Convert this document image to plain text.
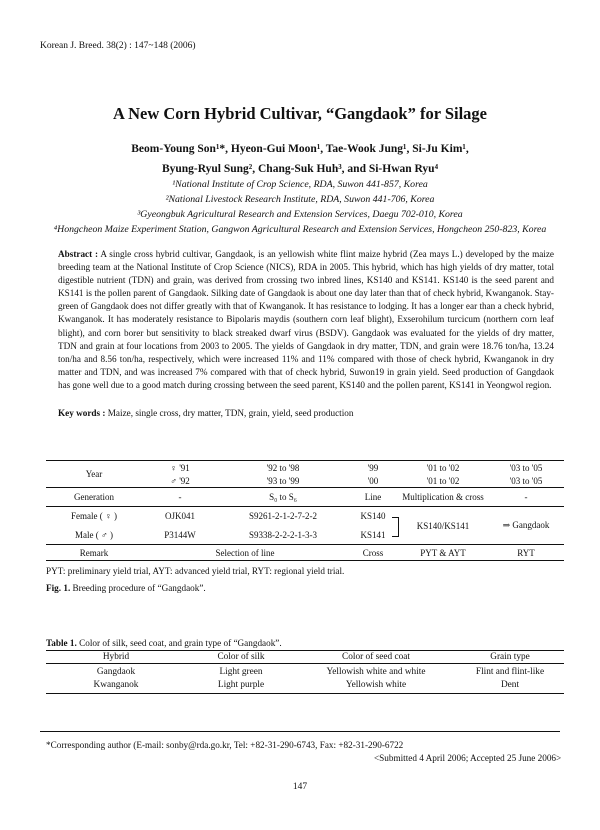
Korean J. Breed. 38(2) : 147~148 (2006)
A New Corn Hybrid Cultivar, “Gangdaok” for Silage
Beom-Young Son¹*, Hyeon-Gui Moon¹, Tae-Wook Jung¹, Si-Ju Kim¹,
Byung-Ryul Sung², Chang-Suk Huh³, and Si-Hwan Ryu⁴
¹National Institute of Crop Science, RDA, Suwon 441-857, Korea
²National Livestock Research Institute, RDA, Suwon 441-706, Korea
³Gyeongbuk Agricultural Research and Extension Services, Daegu 702-010, Korea
⁴Hongcheon Maize Experiment Station, Gangwon Agricultural Research and Extension Services, Hongcheon 250-823, Korea
Abstract : A single cross hybrid cultivar, Gangdaok, is an yellowish white flint maize hybrid (Zea mays L.) developed by the maize breeding team at the National Institute of Crop Science (NICS), RDA in 2005. This hybrid, which has high yields of dry matter, total digestible nutrient (TDN) and grain, was derived from crossing two inbred lines, KS140 and KS141. KS140 is the seed parent and KS141 is the pollen parent of Gangdaok. Silking date of Gangdaok is about one day later than that of check hybrid, Kwanganok. Stay-green of Gangdaok does not differ greatly with that of Kwanganok. It has resistance to lodging. It has a longer ear than a check hybrid, Kwanganok. It has moderately resistance to Bipolaris maydis (southern corn leaf blight), Exserohilum turcicum (northern corn leaf blight), and corn borer but sensitivity to black streaked dwarf virus (BSDV). Gangdaok was evaluated for the yields of dry matter, TDN and grain at four locations from 2003 to 2005. The yields of Gangdaok in dry matter, TDN, and grain were 18.76 ton/ha, 13.24 ton/ha and 8.56 ton/ha, respectively, which were increased 11% and 11% compared with those of check hybrid, Kwanganok in dry matter and TDN, and was increased 7% compared with that of check hybrid, Suwon19 in grain yield. Seed production of Gangdaok has gone well due to a good match during crossing between the seed parent, KS140 and the pollen parent, KS141 in Yeongwol region.
Key words : Maize, single cross, dry matter, TDN, grain, yield, seed production
Year	♀ '91	'92 to '98	'99	'01 to '02	'03 to '05
	♂ '92	'93 to '99	'00	'01 to '02	'03 to '05
Generation	-	S₀ to S₆	Line	Multiplication & cross	-
Female ( ♀ )	OJK041	S9261-2-1-2-7-2-2	KS140	KS140/KS141	⇒ Gangdaok
Male ( ♂ )	P3144W	S9338-2-2-2-1-3-3	KS141		
Remark	Selection of line		Cross	PYT & AYT	RYT
PYT: preliminary yield trial, AYT: advanced yield trial, RYT: regional yield trial.
Fig. 1. Breeding procedure of “Gangdaok”.
Table 1. Color of silk, seed coat, and grain type of “Gangdaok”.
Hybrid	Color of silk	Color of seed coat	Grain type
Gangdaok	Light green	Yellowish white and white	Flint and flint-like
Kwanganok	Light purple	Yellowish white	Dent
*Corresponding author (E-mail: sonby@rda.go.kr, Tel: +82-31-290-6743, Fax: +82-31-290-6722
<Submitted 4 April 2006; Accepted 25 June 2006>
147
